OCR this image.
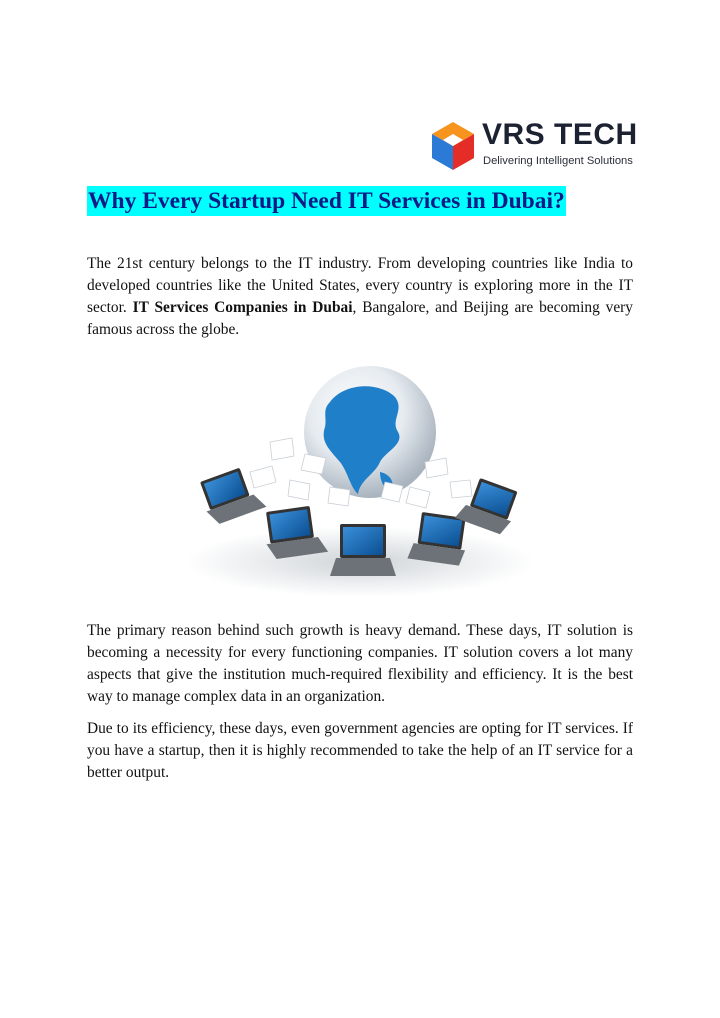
VRS TECH
Delivering Intelligent Solutions
Why Every Startup Need IT Services in Dubai?

The 21st century belongs to the IT industry. From developing countries like India to developed countries like the United States, every country is exploring more in the IT sector. IT Services Companies in Dubai, Bangalore, and Beijing are becoming very famous across the globe.

The primary reason behind such growth is heavy demand. These days, IT solution is becoming a necessity for every functioning companies. IT solution covers a lot many aspects that give the institution much-required flexibility and efficiency. It is the best way to manage complex data in an organization.

Due to its efficiency, these days, even government agencies are opting for IT services. If you have a startup, then it is highly recommended to take the help of an IT service for a better output.
